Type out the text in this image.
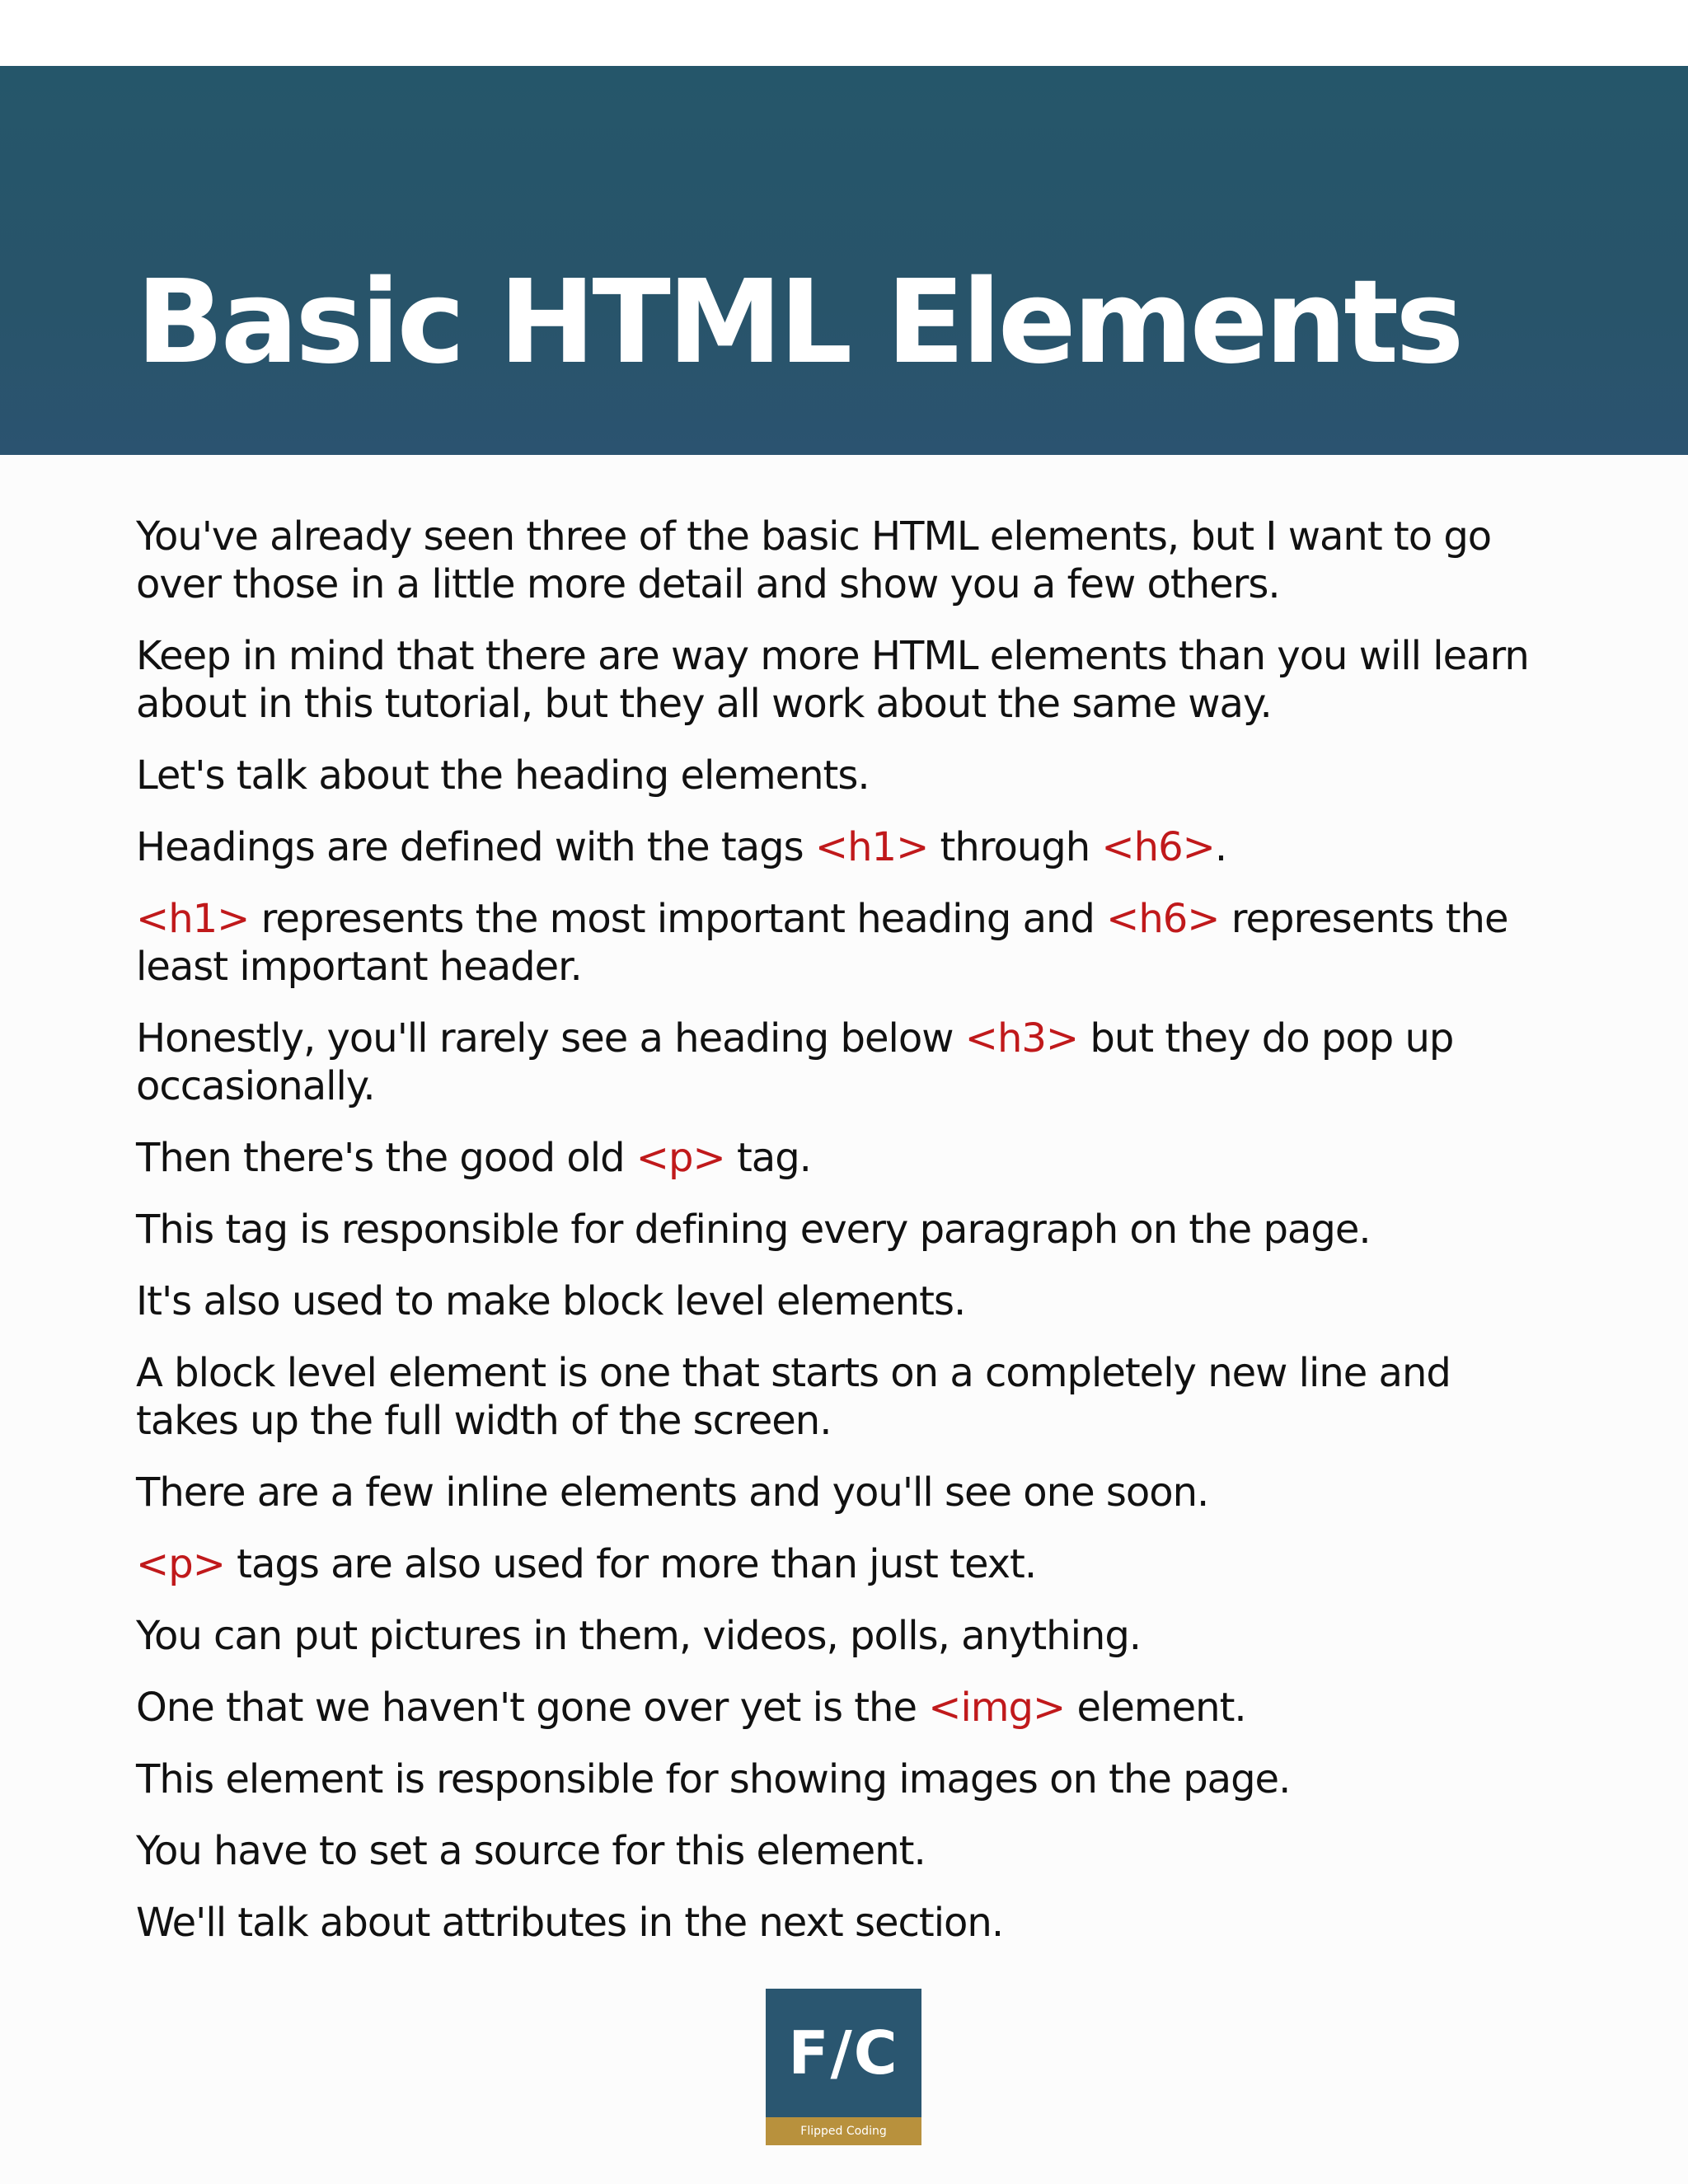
Basic HTML Elements

You've already seen three of the basic HTML elements, but I want to go over those in a little more detail and show you a few others.

Keep in mind that there are way more HTML elements than you will learn about in this tutorial, but they all work about the same way.

Let's talk about the heading elements.

Headings are defined with the tags <h1> through <h6>.

<h1> represents the most important heading and <h6> represents the least important header.

Honestly, you'll rarely see a heading below <h3> but they do pop up occasionally.

Then there's the good old <p> tag.

This tag is responsible for defining every paragraph on the page.

It's also used to make block level elements.

A block level element is one that starts on a completely new line and takes up the full width of the screen.

There are a few inline elements and you'll see one soon.

<p> tags are also used for more than just text.

You can put pictures in them, videos, polls, anything.

One that we haven't gone over yet is the <img> element.

This element is responsible for showing images on the page.

You have to set a source for this element.

We'll talk about attributes in the next section.

F/C
Flipped Coding
